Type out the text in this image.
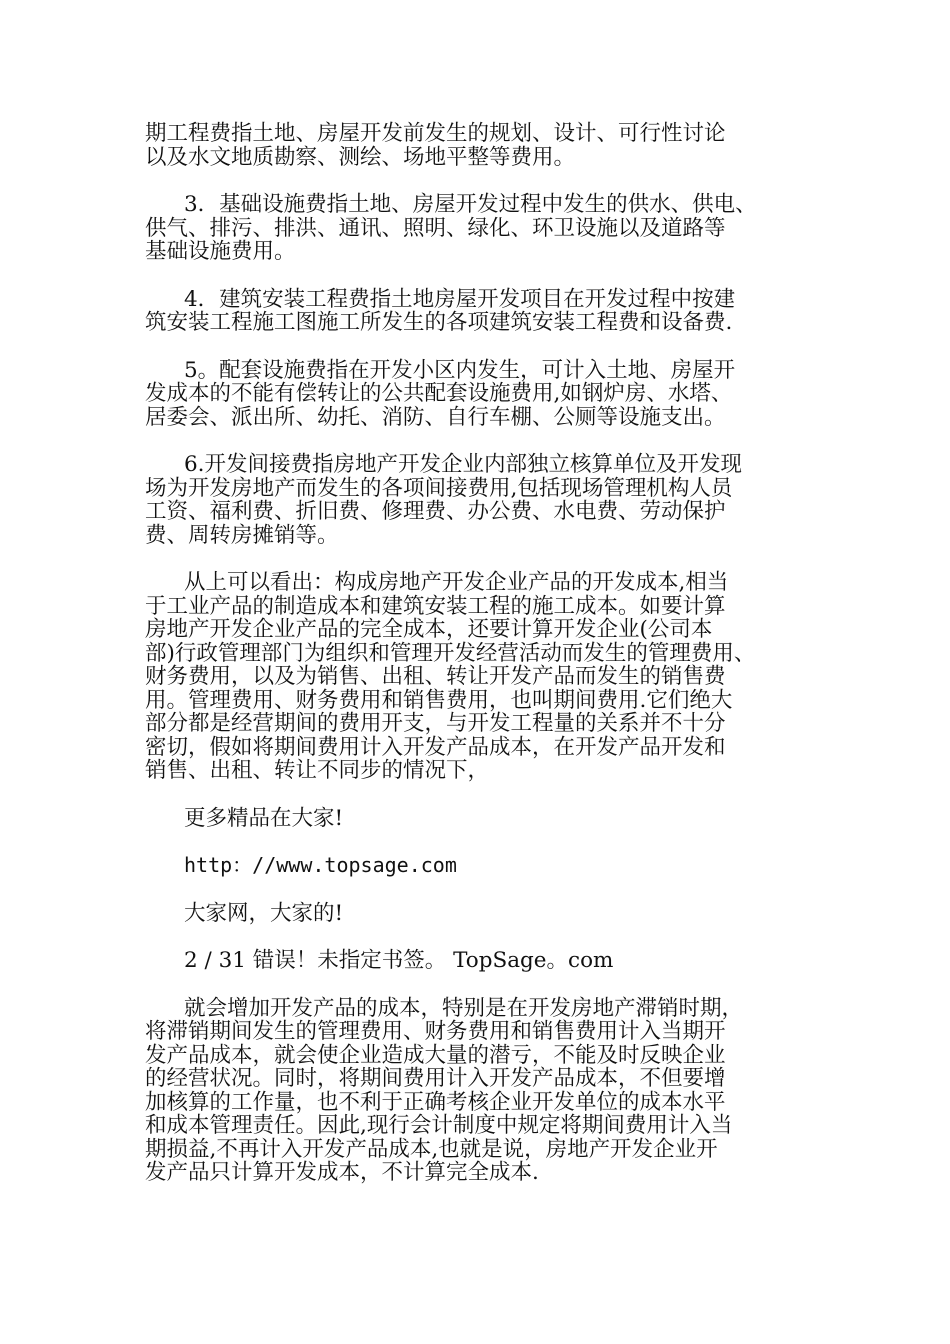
期工程费指土地、房屋开发前发生的规划、设计、可行性讨论
以及水文地质勘察、测绘、场地平整等费用。

3．基础设施费指土地、房屋开发过程中发生的供水、供电、
供气、排污、排洪、通讯、照明、绿化、环卫设施以及道路等
基础设施费用。

4．建筑安装工程费指土地房屋开发项目在开发过程中按建
筑安装工程施工图施工所发生的各项建筑安装工程费和设备费.

5。配套设施费指在开发小区内发生，可计入土地、房屋开
发成本的不能有偿转让的公共配套设施费用,如钢炉房、水塔、
居委会、派出所、幼托、消防、自行车棚、公厕等设施支出。

6.开发间接费指房地产开发企业内部独立核算单位及开发现
场为开发房地产而发生的各项间接费用,包括现场管理机构人员
工资、福利费、折旧费、修理费、办公费、水电费、劳动保护
费、周转房摊销等。

从上可以看出：构成房地产开发企业产品的开发成本,相当
于工业产品的制造成本和建筑安装工程的施工成本。如要计算
房地产开发企业产品的完全成本，还要计算开发企业(公司本
部)行政管理部门为组织和管理开发经营活动而发生的管理费用、
财务费用，以及为销售、出租、转让开发产品而发生的销售费
用。管理费用、财务费用和销售费用，也叫期间费用.它们绝大
部分都是经营期间的费用开支，与开发工程量的关系并不十分
密切，假如将期间费用计入开发产品成本，在开发产品开发和
销售、出租、转让不同步的情况下，

更多精品在大家!

http：//www.topsage.com

大家网，大家的!

2 / 31 错误！未指定书签。 TopSage。com

就会增加开发产品的成本，特别是在开发房地产滞销时期，
将滞销期间发生的管理费用、财务费用和销售费用计入当期开
发产品成本，就会使企业造成大量的潜亏，不能及时反映企业
的经营状况。同时，将期间费用计入开发产品成本，不但要增
加核算的工作量，也不利于正确考核企业开发单位的成本水平
和成本管理责任。因此,现行会计制度中规定将期间费用计入当
期损益,不再计入开发产品成本,也就是说，房地产开发企业开
发产品只计算开发成本，不计算完全成本.
